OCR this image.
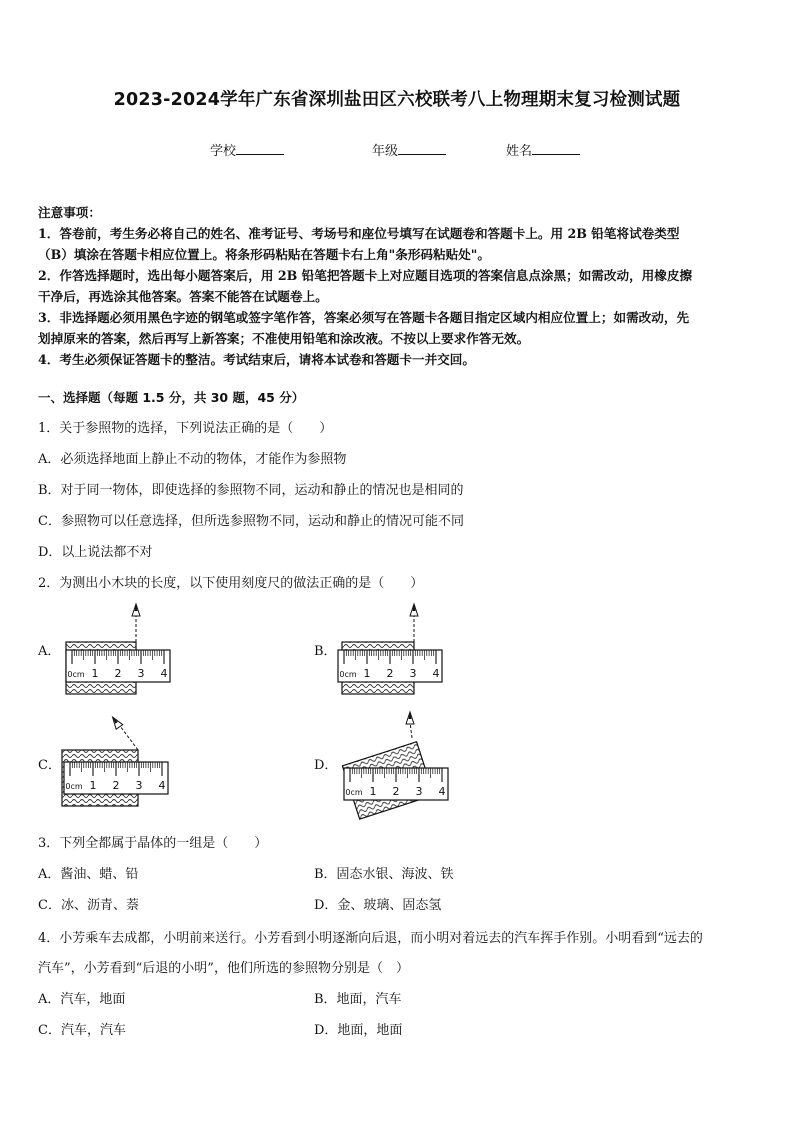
2023-2024学年广东省深圳盐田区六校联考八上物理期末复习检测试题
学校	年级	姓名

注意事项：

1．答卷前，考生务必将自己的姓名、准考证号、考场号和座位号填写在试题卷和答题卡上。用 2B 铅笔将试卷类型

（B）填涂在答题卡相应位置上。将条形码粘贴在答题卡右上角"条形码粘贴处"。

2．作答选择题时，选出每小题答案后，用 2B 铅笔把答题卡上对应题目选项的答案信息点涂黑；如需改动，用橡皮擦

干净后，再选涂其他答案。答案不能答在试题卷上。

3．非选择题必须用黑色字迹的钢笔或签字笔作答，答案必须写在答题卡各题目指定区域内相应位置上；如需改动，先

划掉原来的答案，然后再写上新答案；不准使用铅笔和涂改液。不按以上要求作答无效。

4．考生必须保证答题卡的整洁。考试结束后，请将本试卷和答题卡一并交回。

一、选择题（每题 1.5 分，共 30 题，45 分）
1．关于参照物的选择，下列说法正确的是（　　）
A．必须选择地面上静止不动的物体，才能作为参照物
B．对于同一物体，即使选择的参照物不同，运动和静止的情况也是相同的
C．参照物可以任意选择，但所选参照物不同，运动和静止的情况可能不同
D．以上说法都不对
2．为测出小木块的长度，以下使用刻度尺的做法正确的是（　　）
A．	B．
C．	D．
0cm 1 2 3 4	0cm 1 2 3 4
0cm 1 2 3 4
0cm 1 2 3 4
3．下列全都属于晶体的一组是（　　）
A．酱油、蜡、铅	B．固态水银、海波、铁
C．冰、沥青、萘	D．金、玻璃、固态氢
4．小芳乘车去成都，小明前来送行。小芳看到小明逐渐向后退，而小明对着远去的汽车挥手作别。小明看到“远去的
汽车”，小芳看到“后退的小明”，他们所选的参照物分别是（　）
A．汽车，地面	B．地面，汽车
C．汽车，汽车	D．地面，地面
